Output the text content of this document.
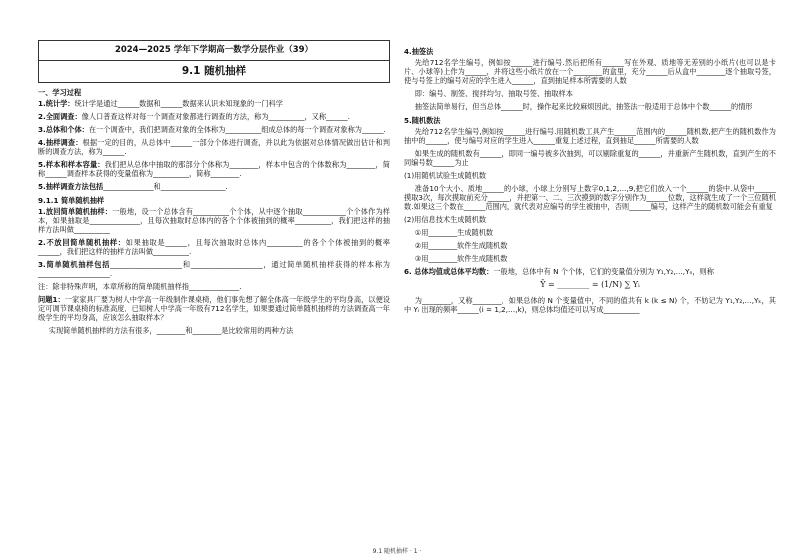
2024—2025 学年下学期高一数学分层作业（39）
9.1 随机抽样
一、学习过程

1.统计学：统计学是通过______数据和______数据来认识未知现象的一门科学

2.全面调查：像人口普查这样对每一个调查对象都进行调查的方法，称为__________，又称______.

3.总体和个体：在一个调查中，我们把调查对象的全体称为__________组成总体的每一个调查对象称为______.

4.抽样调查：根据一定的目的，从总体中______一部分个体进行调查，并以此为依据对总体情况做出估计和判断的调查方法，称为______.

5.样本和样本容量：我们把从总体中抽取的那部分个体称为________，样本中包含的个体数称为________，简称______调查样本获得的变量值称为__________，简称________.

5.抽样调查方法包括______________和__________________.

9.1.1 简单随机抽样

1.放回简单随机抽样：一般地，设一个总体含有__________个个体，从中逐个抽取____________个个体作为样本，如果抽取是______________，且每次抽取时总体内的各个个体被抽到的概率__________，我们把这样的抽样方法叫做__________

2.不放回简单随机抽样：如果抽取是______，且每次抽取时总体内__________的各个个体被抽到的概率______，我们把这样的抽样方法叫做__________.

3.简单随机抽样包括____________________和____________________，通过简单随机抽样获得的样本称为____________________.

注：除非特殊声明，本章所称的简单随机抽样指______________.

问题1：一家家具厂要为树人中学高一年级制作课桌椅，他们事先想了解全体高一年级学生的平均身高，以便设定可调节课桌椅的标准高度．已知树人中学高一年级有712名学生，如果要通过简单随机抽样的方法调查高一年级学生的平均身高，应该怎么抽取样本？

实现简单随机抽样的方法有很多，________和________是比较常用的两种方法

4.抽签法

先给712名学生编号，例如按______进行编号.然后把所有______写在外观、质地等无差别的小纸片(也可以是卡片、小球等)上作为______，并将这些小纸片放在一个________的盒里，充分______后从盒中________逐个抽取号签，使与号签上的编号对应的学生进入______，直到抽足样本所需要的人数

即：编号、制签、搅拌均匀、抽取号签、抽取样本

抽签法简单易行，但当总体______时，操作起来比较麻烦因此，抽签法一般适用于总体中个数______的情形

5.随机数法

先给712名学生编号,例如按______进行编号.用随机数工具产生______范围内的______随机数,把产生的随机数作为抽中的______，使与编号对应的学生进入______重复上述过程，直到抽足______所需要的人数

如果生成的随机数有______，即同一编号被多次抽到，可以剔除重复的______，并重新产生随机数，直到产生的不同编号数______为止

(1)用随机试验生成随机数

准备10个大小、质地______的小球，小球上分别写上数字0,1,2,…,9,把它们放入一个______的袋中.从袋中______摸取3次，每次摸取前充分______，并把第一、二、三次摸到的数字分别作为______位数，这样就生成了一个三位随机数.如果这三个数在______范围内，就代表对应编号的学生被抽中，否则______编号，这样产生的随机数可能会有重复

(2)用信息技术生成随机数

①用________生成随机数

②用________软件生成随机数

③用________软件生成随机数

6. 总体均值或总体平均数：一般地，总体中有 N 个个体，它们的变量值分别为 Y₁,Y₂,…,Yₙ，则称

Ȳ = ________ = (1/N) ∑ Yᵢ

为________，又称________．如果总体的 N 个变量值中，不同的值共有 k (k ≤ N) 个，不妨记为 Y₁,Y₂,…,Yₖ，其中 Yᵢ 出现的频率______(i = 1,2,…,k)，则总体均值还可以写成__________

9.1 随机抽样 · 1 ·
